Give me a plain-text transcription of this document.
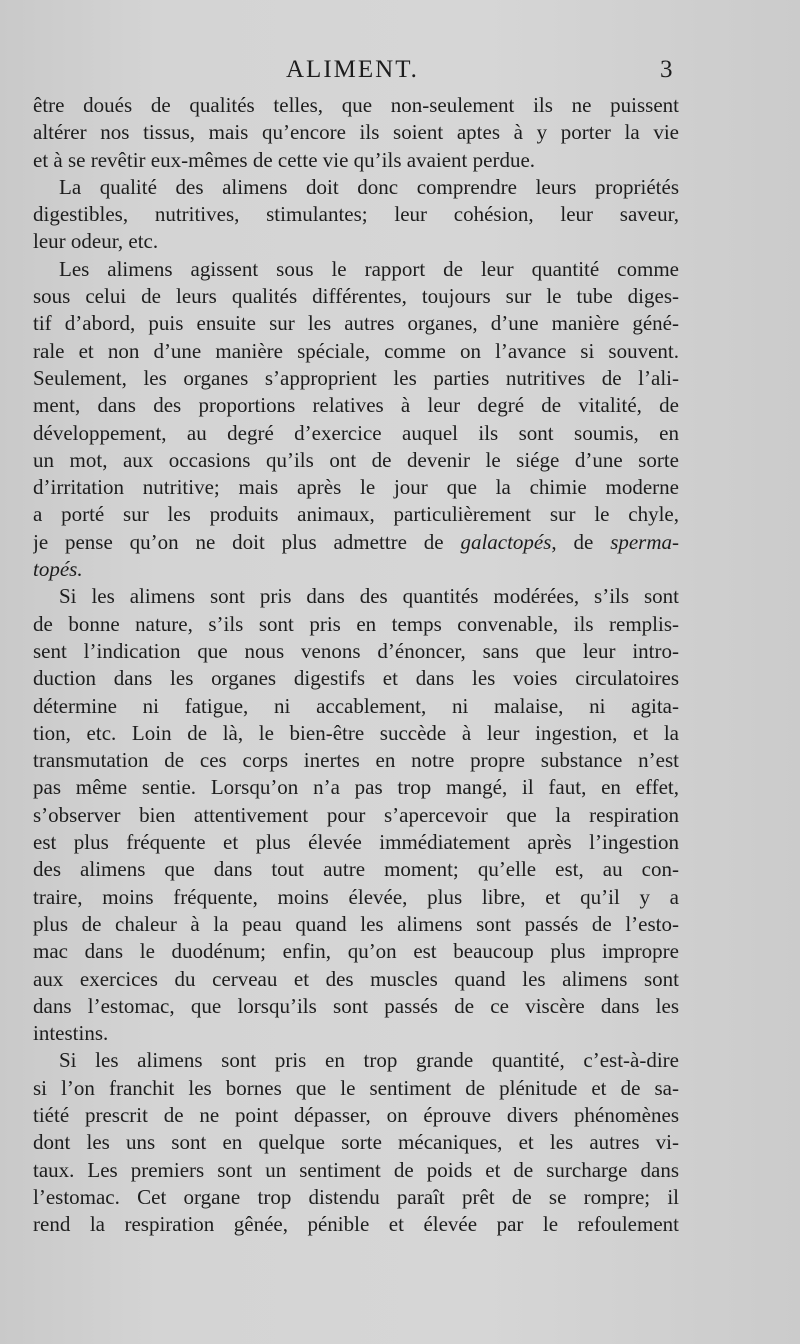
ALIMENT.	3
être doués de qualités telles, que non-seulement ils ne puissent
altérer nos tissus, mais qu’encore ils soient aptes à y porter la vie
et à se revêtir eux-mêmes de cette vie qu’ils avaient perdue.
La qualité des alimens doit donc comprendre leurs propriétés
digestibles, nutritives, stimulantes; leur cohésion, leur saveur,
leur odeur, etc.
Les alimens agissent sous le rapport de leur quantité comme
sous celui de leurs qualités différentes, toujours sur le tube diges-
tif d’abord, puis ensuite sur les autres organes, d’une manière géné-
rale et non d’une manière spéciale, comme on l’avance si souvent.
Seulement, les organes s’approprient les parties nutritives de l’ali-
ment, dans des proportions relatives à leur degré de vitalité, de
développement, au degré d’exercice auquel ils sont soumis, en
un mot, aux occasions qu’ils ont de devenir le siége d’une sorte
d’irritation nutritive; mais après le jour que la chimie moderne
a porté sur les produits animaux, particulièrement sur le chyle,
je pense qu’on ne doit plus admettre de galactopés, de sperma-
topés.
Si les alimens sont pris dans des quantités modérées, s’ils sont
de bonne nature, s’ils sont pris en temps convenable, ils remplis-
sent l’indication que nous venons d’énoncer, sans que leur intro-
duction dans les organes digestifs et dans les voies circulatoires
détermine ni fatigue, ni accablement, ni malaise, ni agita-
tion, etc. Loin de là, le bien-être succède à leur ingestion, et la
transmutation de ces corps inertes en notre propre substance n’est
pas même sentie. Lorsqu’on n’a pas trop mangé, il faut, en effet,
s’observer bien attentivement pour s’apercevoir que la respiration
est plus fréquente et plus élevée immédiatement après l’ingestion
des alimens que dans tout autre moment; qu’elle est, au con-
traire, moins fréquente, moins élevée, plus libre, et qu’il y a
plus de chaleur à la peau quand les alimens sont passés de l’esto-
mac dans le duodénum; enfin, qu’on est beaucoup plus impropre
aux exercices du cerveau et des muscles quand les alimens sont
dans l’estomac, que lorsqu’ils sont passés de ce viscère dans les
intestins.
Si les alimens sont pris en trop grande quantité, c’est-à-dire
si l’on franchit les bornes que le sentiment de plénitude et de sa-
tiété prescrit de ne point dépasser, on éprouve divers phénomènes
dont les uns sont en quelque sorte mécaniques, et les autres vi-
taux. Les premiers sont un sentiment de poids et de surcharge dans
l’estomac. Cet organe trop distendu paraît prêt de se rompre; il
rend la respiration gênée, pénible et élevée par le refoulement
